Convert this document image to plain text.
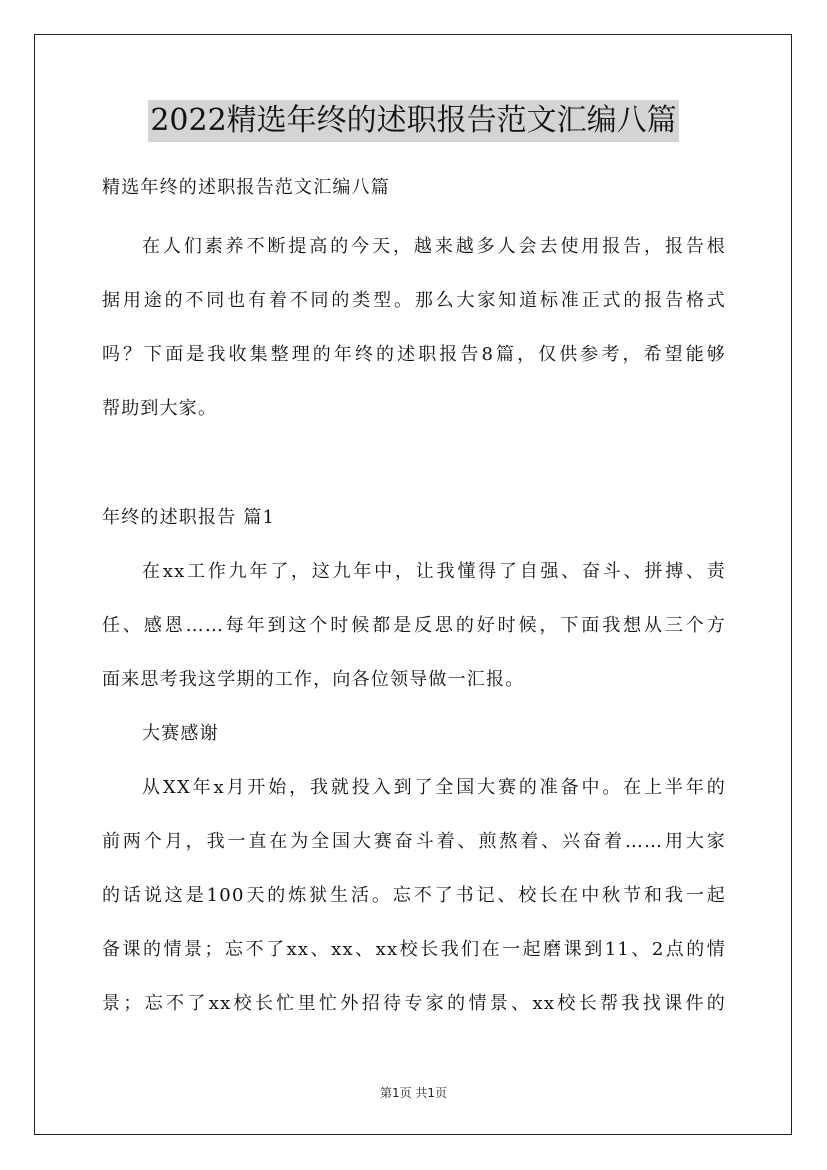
2022精选年终的述职报告范文汇编八篇
精选年终的述职报告范文汇编八篇
在人们素养不断提高的今天，越来越多人会去使用报告，报告根
据用途的不同也有着不同的类型。那么大家知道标准正式的报告格式
吗？下面是我收集整理的年终的述职报告8篇，仅供参考，希望能够
帮助到大家。
年终的述职报告 篇1
在xx工作九年了，这九年中，让我懂得了自强、奋斗、拼搏、责
任、感恩……每年到这个时候都是反思的好时候，下面我想从三个方
面来思考我这学期的工作，向各位领导做一汇报。
大赛感谢
从XX年x月开始，我就投入到了全国大赛的准备中。在上半年的
前两个月，我一直在为全国大赛奋斗着、煎熬着、兴奋着……用大家
的话说这是100天的炼狱生活。忘不了书记、校长在中秋节和我一起
备课的情景；忘不了xx、xx、xx校长我们在一起磨课到11、2点的情
景；忘不了xx校长忙里忙外招待专家的情景、xx校长帮我找课件的
第1页 共1页
